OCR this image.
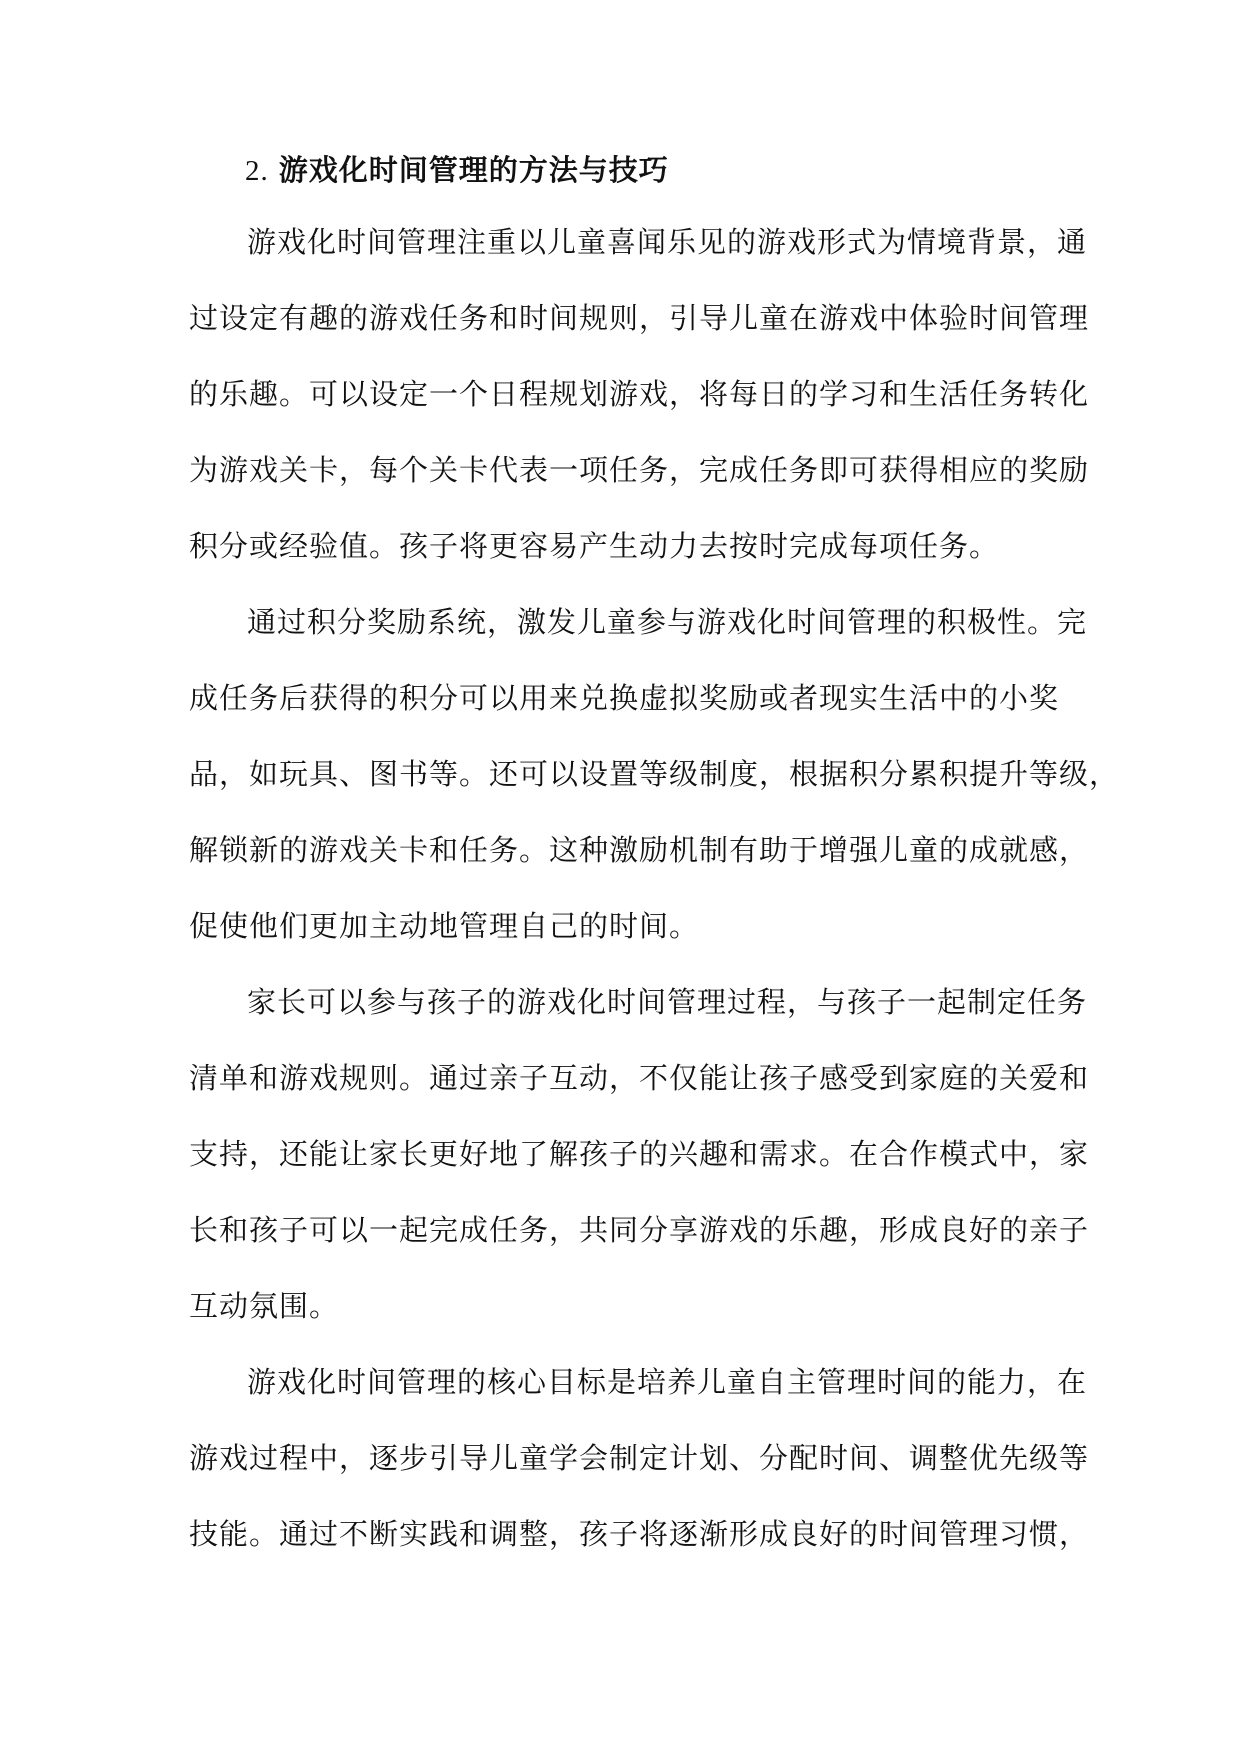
2. 游戏化时间管理的方法与技巧
游戏化时间管理注重以儿童喜闻乐见的游戏形式为情境背景，通
过设定有趣的游戏任务和时间规则，引导儿童在游戏中体验时间管理
的乐趣。可以设定一个日程规划游戏，将每日的学习和生活任务转化
为游戏关卡，每个关卡代表一项任务，完成任务即可获得相应的奖励
积分或经验值。孩子将更容易产生动力去按时完成每项任务。
通过积分奖励系统，激发儿童参与游戏化时间管理的积极性。完
成任务后获得的积分可以用来兑换虚拟奖励或者现实生活中的小奖
品，如玩具、图书等。还可以设置等级制度，根据积分累积提升等级，
解锁新的游戏关卡和任务。这种激励机制有助于增强儿童的成就感，
促使他们更加主动地管理自己的时间。
家长可以参与孩子的游戏化时间管理过程，与孩子一起制定任务
清单和游戏规则。通过亲子互动，不仅能让孩子感受到家庭的关爱和
支持，还能让家长更好地了解孩子的兴趣和需求。在合作模式中，家
长和孩子可以一起完成任务，共同分享游戏的乐趣，形成良好的亲子
互动氛围。
游戏化时间管理的核心目标是培养儿童自主管理时间的能力，在
游戏过程中，逐步引导儿童学会制定计划、分配时间、调整优先级等
技能。通过不断实践和调整，孩子将逐渐形成良好的时间管理习惯，
